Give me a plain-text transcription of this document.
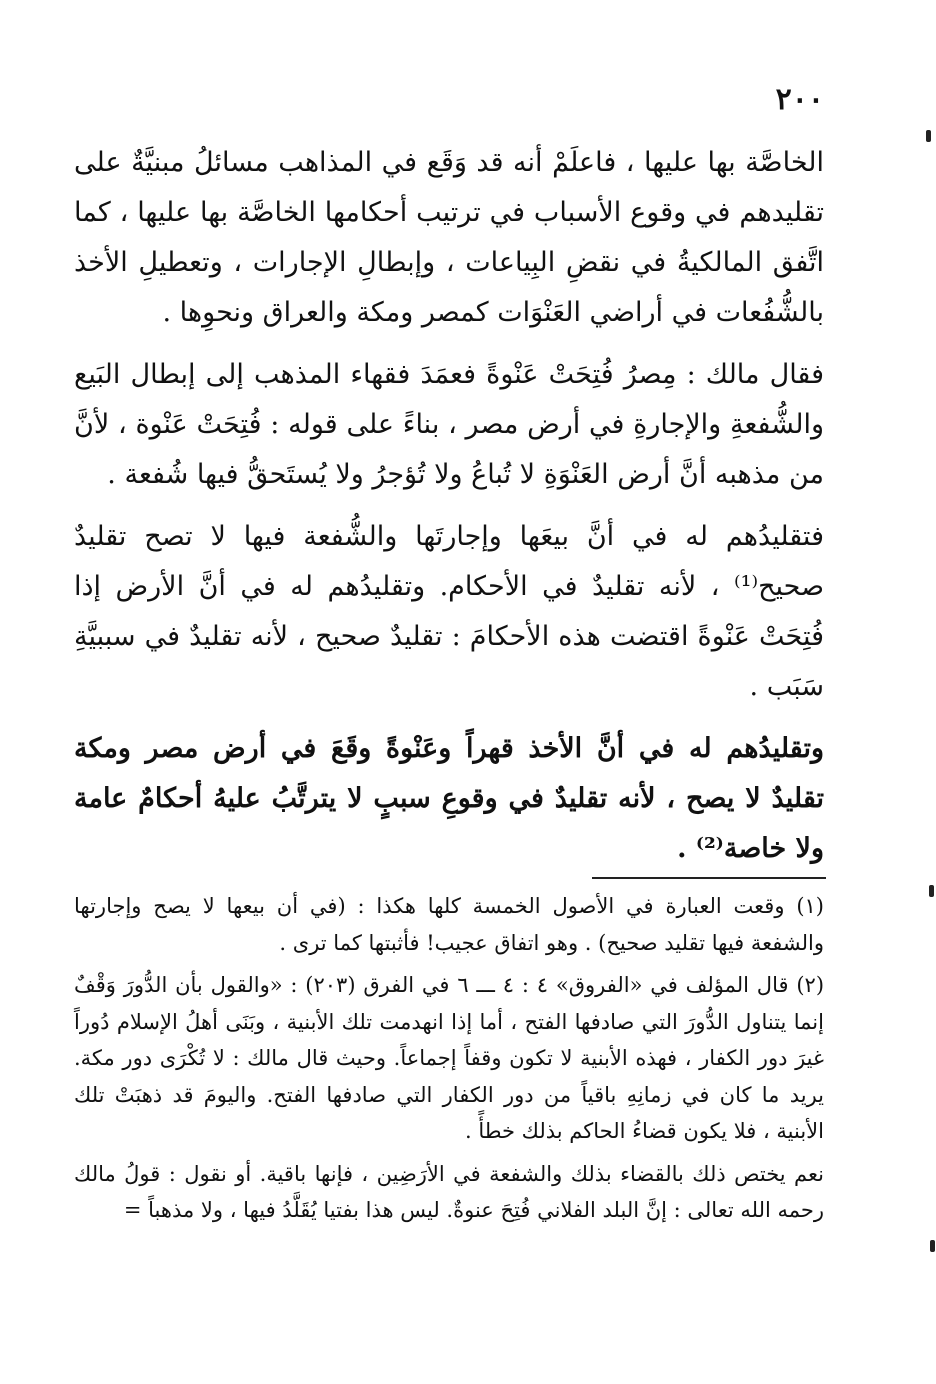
٢٠٠

الخاصَّة بها عليها ، فاعلَمْ أنه قد وَقَع في المذاهب مسائلُ مبنيَّةٌ على تقليدهم في وقوع الأسباب في ترتيب أحكامها الخاصَّة بها عليها ، كما اتَّفق المالكيةُ في نقضِ البِياعات ، وإبطالِ الإجارات ، وتعطيلِ الأخذ بالشُّفُعات في أراضي العَنْوَات كمصر ومكة والعراق ونحوِها .

فقال مالك : مِصرُ فُتِحَتْ عَنْوةً فعمَدَ فقهاء المذهب إلى إبطال البَيع والشُّفعةِ والإجارةِ في أرض مصر ، بناءً على قوله : فُتِحَتْ عَنْوة ، لأنَّ من مذهبه أنَّ أرض العَنْوَةِ لا تُباعُ ولا تُؤجرُ ولا يُستَحقُّ فيها شُفعة .

فتقليدُهم له في أنَّ بيعَها وإجارتَها والشُّفعة فيها لا تصح تقليدٌ صحيح⁽¹⁾ ، لأنه تقليدٌ في الأحكام. وتقليدُهم له في أنَّ الأرض إذا فُتِحَتْ عَنْوةً اقتضت هذه الأحكامَ : تقليدٌ صحيح ، لأنه تقليدٌ في سببيَّةِ سَبَب .

وتقليدُهم له في أنَّ الأخذ قهراً وعَنْوةً وقَعَ في أرض مصر ومكة تقليدٌ لا يصح ، لأنه تقليدٌ في وقوعِ سببٍ لا يترتَّبُ عليهُ أحكامٌ عامة ولا خاصة⁽²⁾ .

(١) وقعت العبارة في الأصول الخمسة كلها هكذا : (في أن بيعها لا يصح وإجارتها والشفعة فيها تقليد صحيح) . وهو اتفاق عجيب! فأثبتها كما ترى .

(٢) قال المؤلف في «الفروق» ٤ : ٤ ـــ ٦ في الفرق (٢٠٣) : «والقول بأن الدُّورَ وَقْفٌ إنما يتناول الدُّورَ التي صادفها الفتح ، أما إذا انهدمت تلك الأبنية ، وبَنَى أهلُ الإسلام دُوراً غيرَ دور الكفار ، فهذه الأبنية لا تكون وقفاً إجماعاً. وحيث قال مالك : لا تُكْرَى دور مكة. يريد ما كان في زمانِهِ باقياً من دور الكفار التي صادفها الفتح. واليومَ قد ذهبَتْ تلك الأبنية ، فلا يكون قضاءُ الحاكم بذلك خطأً .

نعم يختص ذلك بالقضاء بذلك والشفعة في الأرَضِين ، فإنها باقية. أو نقول : قولُ مالك رحمه الله تعالى : إنَّ البلد الفلاني فُتِحَ عنوةٌ. ليس هذا بفتيا يُقَلَّدُ فيها ، ولا مذهباً =
